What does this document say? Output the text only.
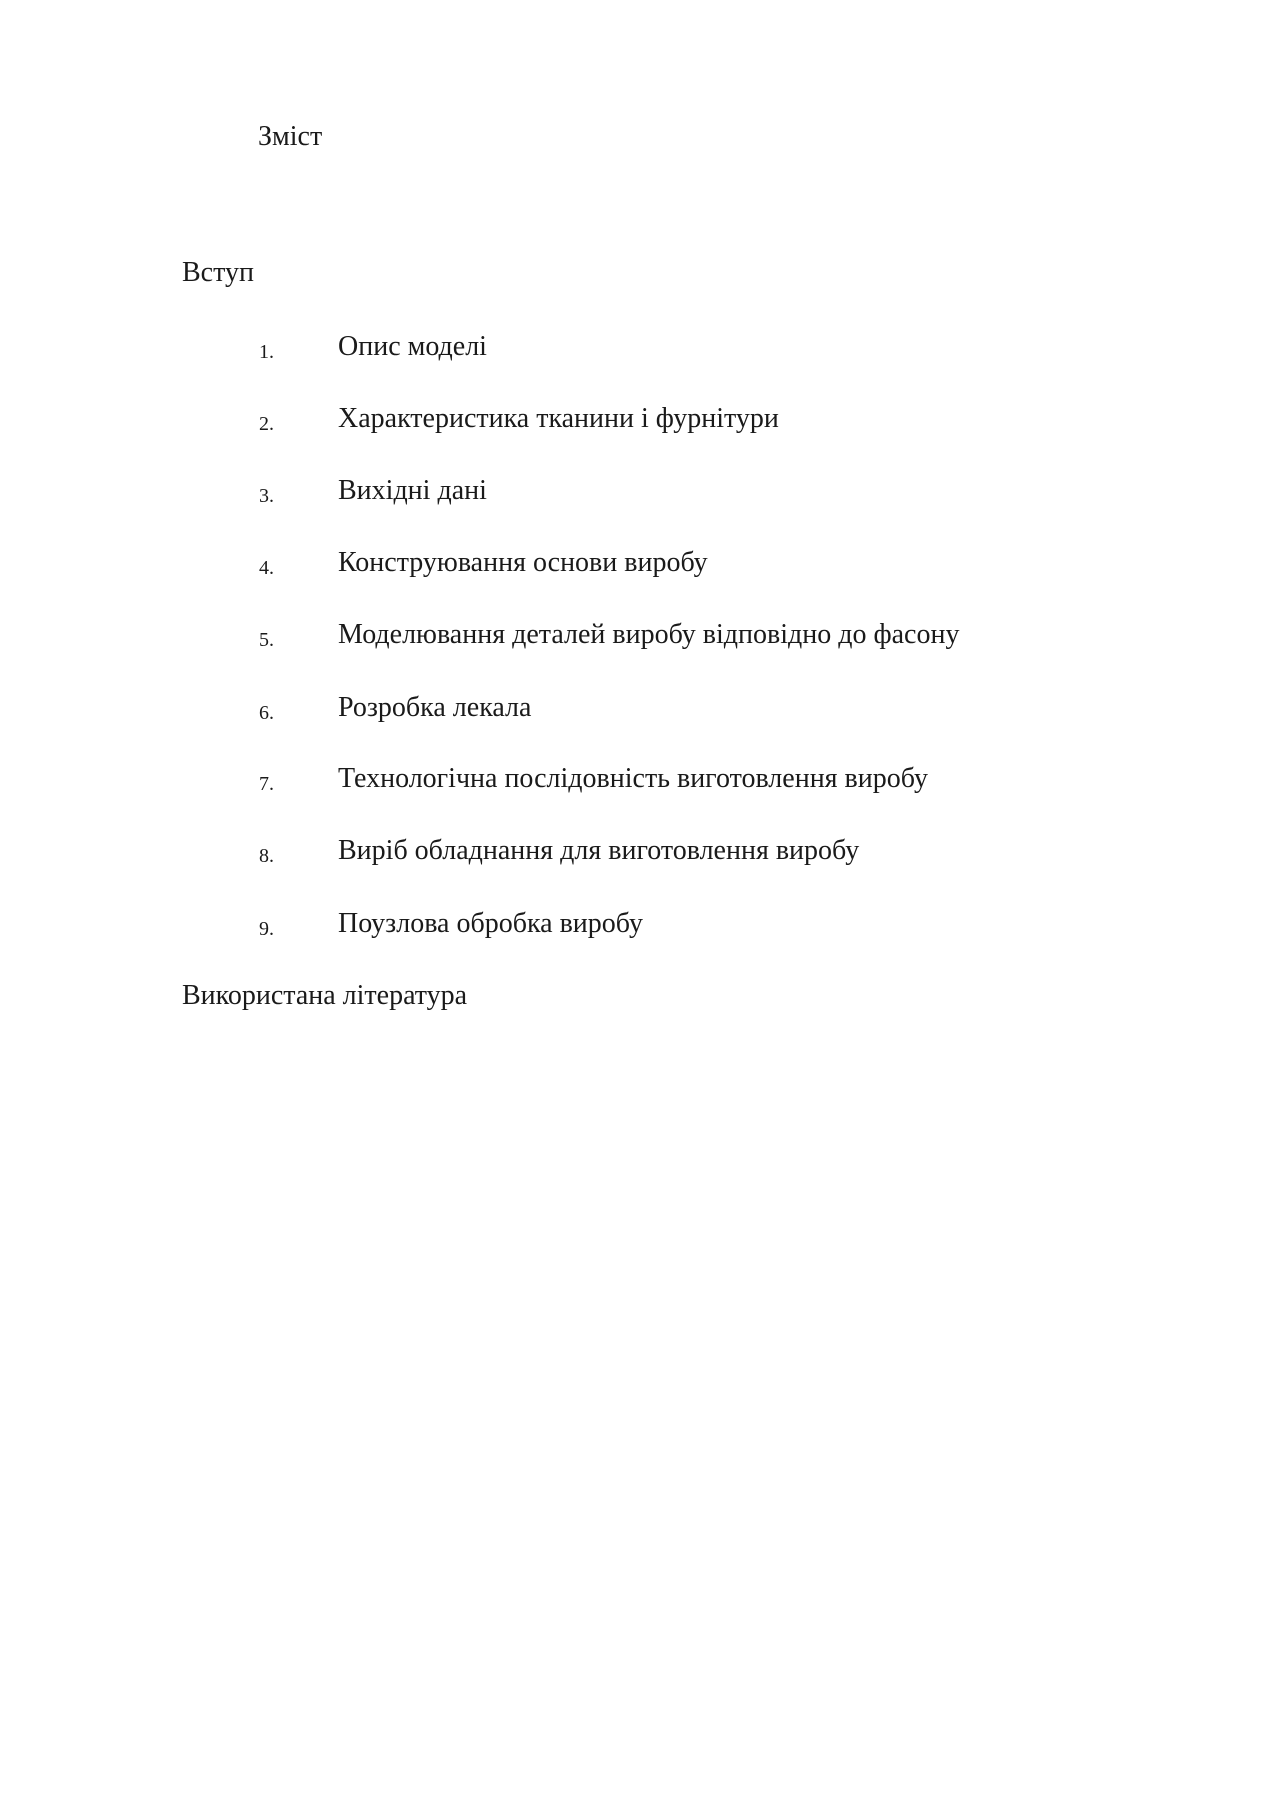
Зміст
Вступ
1. Опис моделі
2. Характеристика тканини і фурнітури
3. Вихідні дані
4. Конструювання основи виробу
5. Моделювання деталей виробу відповідно до фасону
6. Розробка лекала
7. Технологічна послідовність виготовлення виробу
8. Виріб обладнання для виготовлення виробу
9. Поузлова обробка виробу
Використана література
